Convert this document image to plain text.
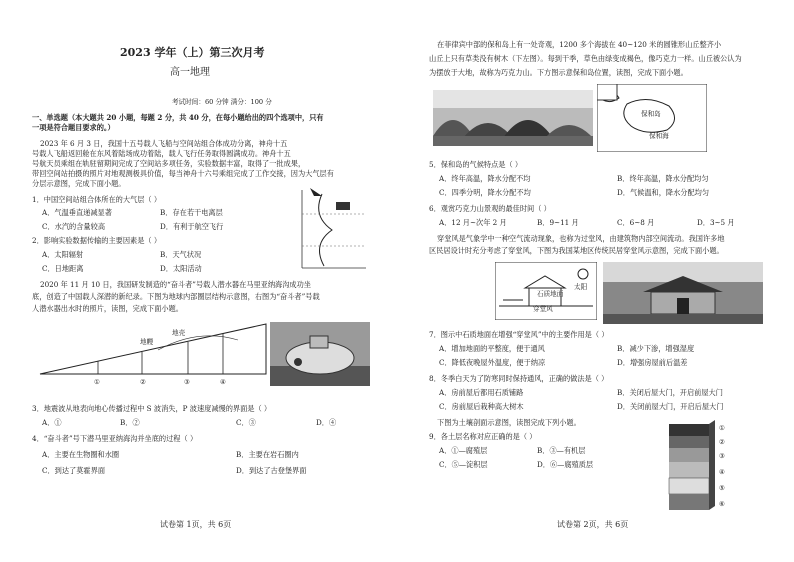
2023 学年（上）第三次月考
高一地理
考试时间：60 分钟 满分：100 分
一、单选题（本大题共 20 小题，每题 2 分，共 40 分，在每小题给出的四个选项中，只有
一项是符合题目要求的。）
2023 年 6 月 3 日，我国十五号载人飞船与空间站组合体成功分离，神舟十五
号载人飞船返回舱在东风着陆场成功着陆，载人飞行任务取得圆满成功。神舟十五
号航天员乘组在轨驻留期间完成了空间站多项任务，实验数据丰富，取得了一批成果，
带回空间站拍摄的照片对地观测极具价值，每当神舟十六号乘组完成了工作交接，因为大气层有
分层示意图，完成下面小题。
1．中国空间站组合体所在的大气层（ ）
A．气温垂直递减显著	B．存在若干电离层
C．水汽的含量较高	D．有利于航空飞行
2．影响实验数据传输的主要因素是（ ）
A．太阳辐射	B．天气状况
C．日地距离	D．太阳活动
2020 年 11 月 10 日，我国研发制造的“奋斗者”号载人潜水器在马里亚纳海沟成功坐
底，创造了中国载人深潜的新纪录。下图为地球内部圈层结构示意图，右图为“奋斗者”号载
人潜水器出水时的照片，读图，完成下面小题。
地壳
地幔
①	②	③	④
3．地震波从地表向地心传播过程中 S 波消失，P 波速度减慢的界面是（ ）
A．①	B．②	C．③	D．④
4．“奋斗者”号下潜马里亚纳海沟并坐底的过程（ ）
A．主要在生物圈和水圈	B．主要在岩石圈内
C．到达了莫霍界面	D．到达了古登堡界面
试卷第 1页，共 6页
在菲律宾中部的保和岛上有一处奇观，1200 多个海拔在 40~120 米的圆锥形山丘整齐小
山丘上只有草类没有树木（下左图）。每到干季，草色由绿变成褐色，像巧克力一样。山丘被公认为
为摆放于大地，故称为巧克力山。下方图示意保和岛位置，读图，完成下面小题。
保和岛
保和海
5．保和岛的气候特点是（ ）
A．终年高温，降水分配不均	B．终年高温，降水分配均匀
C．四季分明，降水分配不均	D．气候温和，降水分配均匀
6．观赏巧克力山景观的最佳时间（ ）
A．12 月~次年 2 月	B．9~11 月	C．6~8 月	D．3~5 月
穿堂风是气象学中一种空气流动现象，也称为过堂风，由建筑物内部空间流动。我国许多地
区民居设计时充分考虑了穿堂风，下图为我国某地区传统民居穿堂风示意图，完成下面小题。
穿堂风
石质地面
太阳
7．图示中石质地面在增强“穿堂风”中的主要作用是（ ）
A．增加地面的平整度，便于通风	B．减少下渗，增强湿度
C．降低夜晚屋外温度，便于纳凉	D．增强房屋前后温差
8．冬季白天为了防寒同时保持通风，正确的做法是（ ）
A．房前屋后都用石质铺路	B．关闭后屋大门，开启前屋大门
C．房前屋后栽种高大树木	D．关闭前屋大门，开启后屋大门
下图为土壤剖面示意图，读图完成下列小题。
9．各土层名称对应正确的是（ ）
A．①—腐殖层	B．③—有机层
C．⑤—淀积层	D．⑥—腐殖质层
①
②
③
④
⑤
⑥
试卷第 2页，共 6页
